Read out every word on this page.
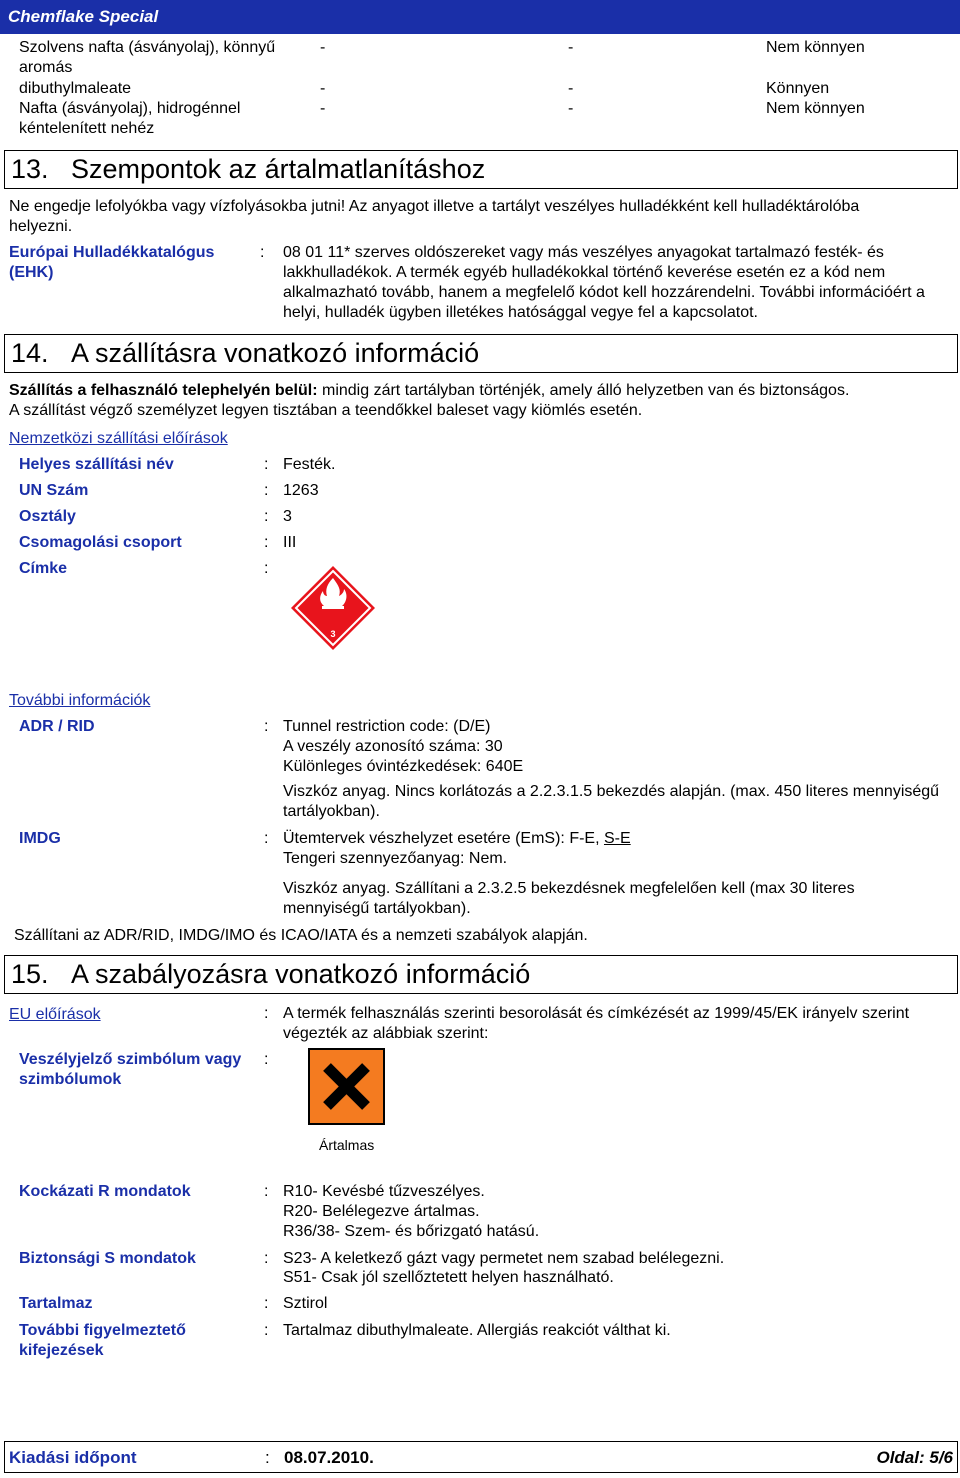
Chemflake Special
Szolvens nafta (ásványolaj), könnyű aromás
-	-	Nem könnyen
dibuthylmaleate	-	-	Könnyen
Nafta (ásványolaj), hidrogénnel kéntelenített nehéz
-	-	Nem könnyen
13. Szempontok az ártalmatlanításhoz
Ne engedje lefolyókba vagy vízfolyásokba jutni! Az anyagot illetve a tartályt veszélyes hulladékként kell hulladéktárolóba helyezni.
Európai Hulladékkatalógus (EHK)
: 08 01 11* szerves oldószereket vagy más veszélyes anyagokat tartalmazó festék- és lakkhulladékok. A termék egyéb hulladékokkal történő keverése esetén ez a kód nem alkalmazható tovább, hanem a megfelelő kódot kell hozzárendelni. További információért a helyi, hulladék ügyben illetékes hatósággal vegye fel a kapcsolatot.
14. A szállításra vonatkozó információ
Szállítás a felhasználó telephelyén belül: mindig zárt tartályban történjék, amely álló helyzetben van és biztonságos.
A szállítást végző személyzet legyen tisztában a teendőkkel baleset vagy kiömlés esetén.
Nemzetközi szállítási előírások
Helyes szállítási név	: Festék.
UN Szám	: 1263
Osztály	: 3
Csomagolási csoport	: III
Címke	:
3
További információk
ADR / RID	: Tunnel restriction code: (D/E)
A veszély azonosító száma: 30
Különleges óvintézkedések: 640E
Viszkóz anyag. Nincs korlátozás a 2.2.3.1.5 bekezdés alapján. (max. 450 literes mennyiségű tartályokban).
IMDG	: Ütemtervek vészhelyzet esetére (EmS): F-E, S-E
Tengeri szennyezőanyag: Nem.
Viszkóz anyag. Szállítani a 2.3.2.5 bekezdésnek megfelelően kell (max 30 literes mennyiségű tartályokban).
Szállítani az ADR/RID, IMDG/IMO és ICAO/IATA és a nemzeti szabályok alapján.
15. A szabályozásra vonatkozó információ
EU előírások	: A termék felhasználás szerinti besorolását és címkézését az 1999/45/EK irányelv szerint végezték az alábbiak szerint:
Veszélyjelző szimbólum vagy szimbólumok
:
Ártalmas
Kockázati R mondatok	: R10- Kevésbé tűzveszélyes.
R20- Belélegezve ártalmas.
R36/38- Szem- és bőrizgató hatású.
Biztonsági S mondatok	: S23- A keletkező gázt vagy permetet nem szabad belélegezni.
S51- Csak jól szellőztetett helyen használható.
Tartalmaz	: Sztirol
További figyelmeztető kifejezések
: Tartalmaz dibuthylmaleate. Allergiás reakciót válthat ki.
Kiadási időpont	: 08.07.2010.	Oldal: 5/6
